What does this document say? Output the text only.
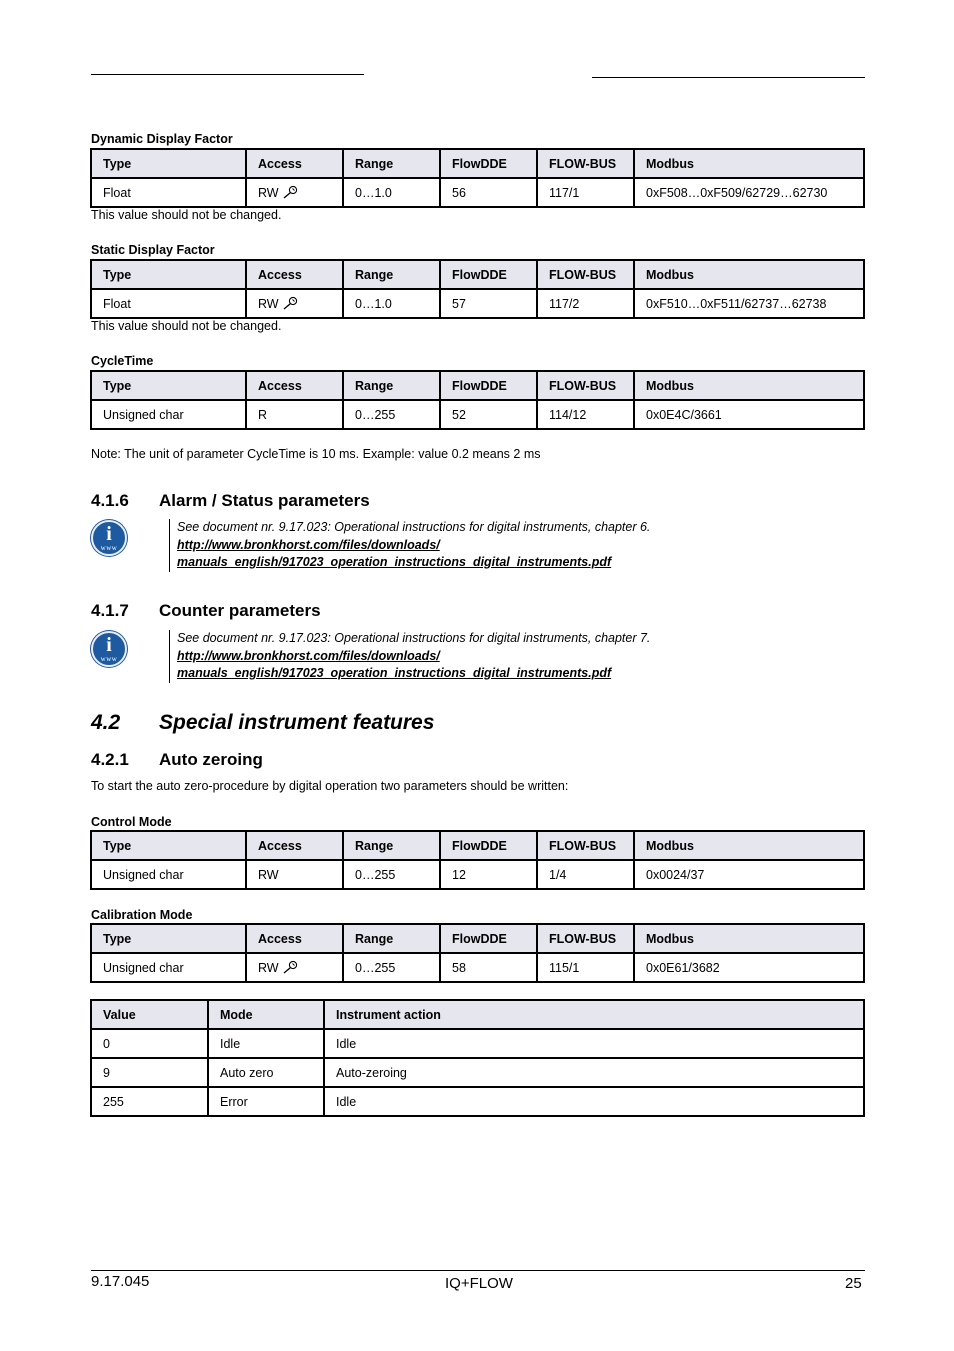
Dynamic Display Factor
Type	Access	Range	FlowDDE	FLOW-BUS	Modbus
Float	RW	0…1.0	56	117/1	0xF508…0xF509/62729…62730
This value should not be changed.
Static Display Factor
Type	Access	Range	FlowDDE	FLOW-BUS	Modbus
Float	RW	0…1.0	57	117/2	0xF510…0xF511/62737…62738
This value should not be changed.
CycleTime
Type	Access	Range	FlowDDE	FLOW-BUS	Modbus
Unsigned char	R	0…255	52	114/12	0x0E4C/3661
Note: The unit of parameter CycleTime is 10 ms. Example: value 0.2 means 2 ms
4.1.6 Alarm / Status parameters
i
www
See document nr. 9.17.023: Operational instructions for digital instruments, chapter 6.
http://www.bronkhorst.com/files/downloads/
manuals_english/917023_operation_instructions_digital_instruments.pdf
4.1.7 Counter parameters
i
www
See document nr. 9.17.023: Operational instructions for digital instruments, chapter 7.
http://www.bronkhorst.com/files/downloads/
manuals_english/917023_operation_instructions_digital_instruments.pdf
4.2 Special instrument features
4.2.1 Auto zeroing
To start the auto zero-procedure by digital operation two parameters should be written:
Control Mode
Type	Access	Range	FlowDDE	FLOW-BUS	Modbus
Unsigned char	RW	0…255	12	1/4	0x0024/37
Calibration Mode
Type	Access	Range	FlowDDE	FLOW-BUS	Modbus
Unsigned char	RW	0…255	58	115/1	0x0E61/3682
Value	Mode	Instrument action
0	Idle	Idle
9	Auto zero	Auto-zeroing
255	Error	Idle
9.17.045	IQ+FLOW	25
